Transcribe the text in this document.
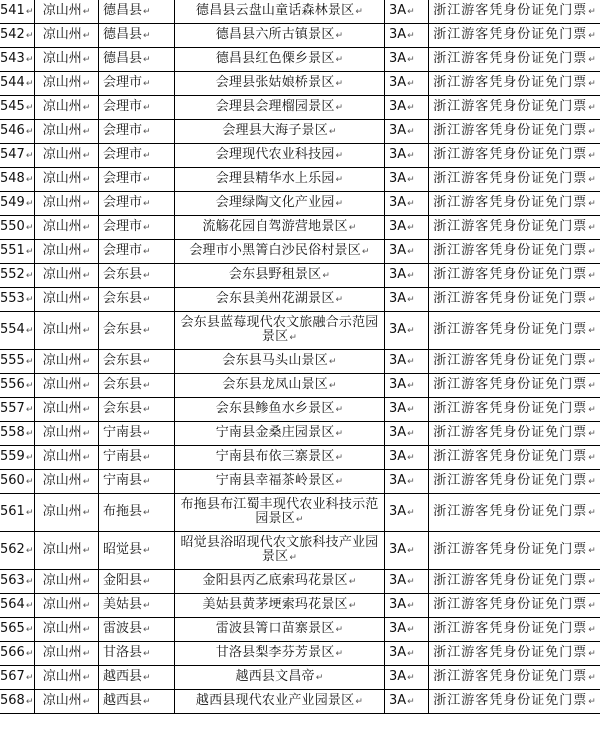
541↵	凉山州↵	德昌县↵	德昌县云盘山童话森林景区↵	3A↵	浙江游客凭身份证免门票↵
542↵	凉山州↵	德昌县↵	德昌县六所古镇景区↵	3A↵	浙江游客凭身份证免门票↵
543↵	凉山州↵	德昌县↵	德昌县红色傈乡景区↵	3A↵	浙江游客凭身份证免门票↵
544↵	凉山州↵	会理市↵	会理县张姑娘桥景区↵	3A↵	浙江游客凭身份证免门票↵
545↵	凉山州↵	会理市↵	会理县会理榴园景区↵	3A↵	浙江游客凭身份证免门票↵
546↵	凉山州↵	会理市↵	会理县大海子景区↵	3A↵	浙江游客凭身份证免门票↵
547↵	凉山州↵	会理市↵	会理现代农业科技园↵	3A↵	浙江游客凭身份证免门票↵
548↵	凉山州↵	会理市↵	会理县精华水上乐园↵	3A↵	浙江游客凭身份证免门票↵
549↵	凉山州↵	会理市↵	会理绿陶文化产业园↵	3A↵	浙江游客凭身份证免门票↵
550↵	凉山州↵	会理市↵	流觞花园自驾游营地景区↵	3A↵	浙江游客凭身份证免门票↵
551↵	凉山州↵	会理市↵	会理市小黑箐白沙民俗村景区↵	3A↵	浙江游客凭身份证免门票↵
552↵	凉山州↵	会东县↵	会东县野租景区↵	3A↵	浙江游客凭身份证免门票↵
553↵	凉山州↵	会东县↵	会东县美州花湖景区↵	3A↵	浙江游客凭身份证免门票↵
554↵	凉山州↵	会东县↵	会东县蓝莓现代农文旅融合示范园景区↵	3A↵	浙江游客凭身份证免门票↵
555↵	凉山州↵	会东县↵	会东县马头山景区↵	3A↵	浙江游客凭身份证免门票↵
556↵	凉山州↵	会东县↵	会东县龙凤山景区↵	3A↵	浙江游客凭身份证免门票↵
557↵	凉山州↵	会东县↵	会东县鲹鱼水乡景区↵	3A↵	浙江游客凭身份证免门票↵
558↵	凉山州↵	宁南县↵	宁南县金桑庄园景区↵	3A↵	浙江游客凭身份证免门票↵
559↵	凉山州↵	宁南县↵	宁南县布依三寨景区↵	3A↵	浙江游客凭身份证免门票↵
560↵	凉山州↵	宁南县↵	宁南县幸福茶岭景区↵	3A↵	浙江游客凭身份证免门票↵
561↵	凉山州↵	布拖县↵	布拖县布江蜀丰现代农业科技示范园景区↵	3A↵	浙江游客凭身份证免门票↵
562↵	凉山州↵	昭觉县↵	昭觉县浴昭现代农文旅科技产业园景区↵	3A↵	浙江游客凭身份证免门票↵
563↵	凉山州↵	金阳县↵	金阳县丙乙底索玛花景区↵	3A↵	浙江游客凭身份证免门票↵
564↵	凉山州↵	美姑县↵	美姑县黄茅埂索玛花景区↵	3A↵	浙江游客凭身份证免门票↵
565↵	凉山州↵	雷波县↵	雷波县箐口苗寨景区↵	3A↵	浙江游客凭身份证免门票↵
566↵	凉山州↵	甘洛县↵	甘洛县梨李芬芳景区↵	3A↵	浙江游客凭身份证免门票↵
567↵	凉山州↵	越西县↵	越西县文昌帝↵	3A↵	浙江游客凭身份证免门票↵
568↵	凉山州↵	越西县↵	越西县现代农业产业园景区↵	3A↵	浙江游客凭身份证免门票↵
